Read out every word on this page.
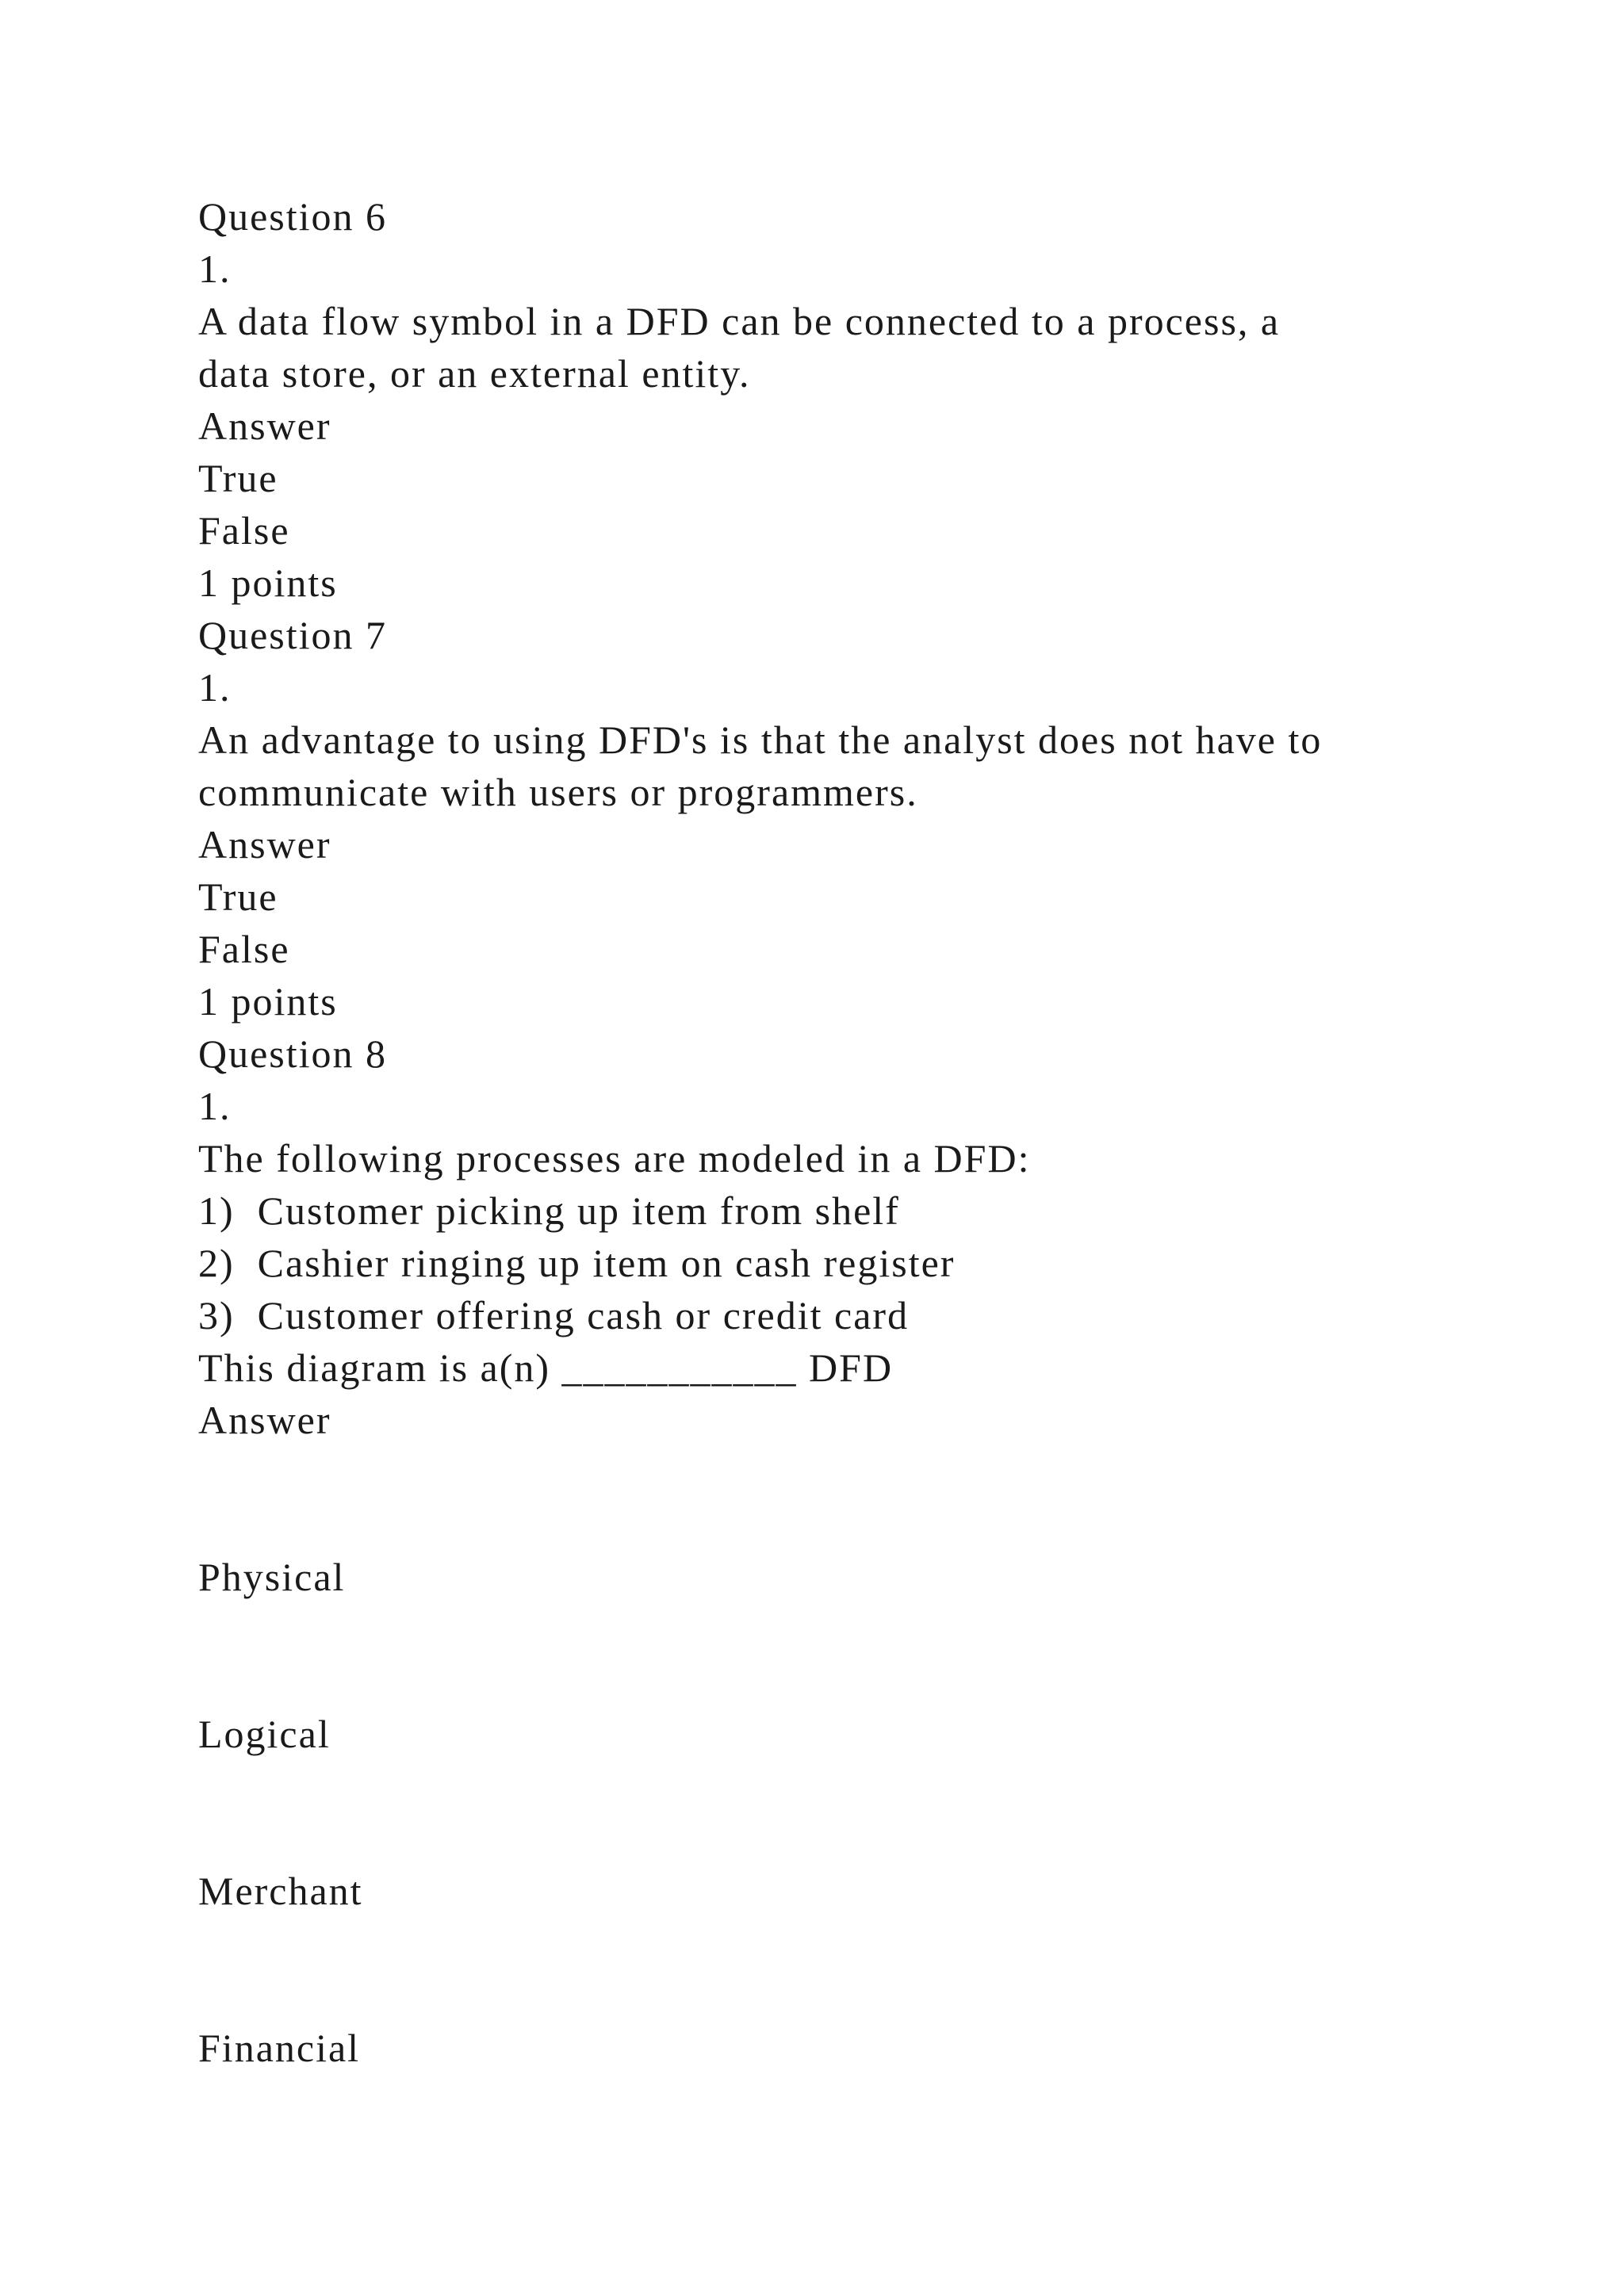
Question 6
1.
A data flow symbol in a DFD can be connected to a process, a
data store, or an external entity.
Answer
True
False
1 points
Question 7
1.
An advantage to using DFD's is that the analyst does not have to
communicate with users or programmers.
Answer
True
False
1 points
Question 8
1.
The following processes are modeled in a DFD:
1)  Customer picking up item from shelf
2)  Cashier ringing up item on cash register
3)  Customer offering cash or credit card
This diagram is a(n) ___________ DFD
Answer
Physical
Logical
Merchant
Financial
